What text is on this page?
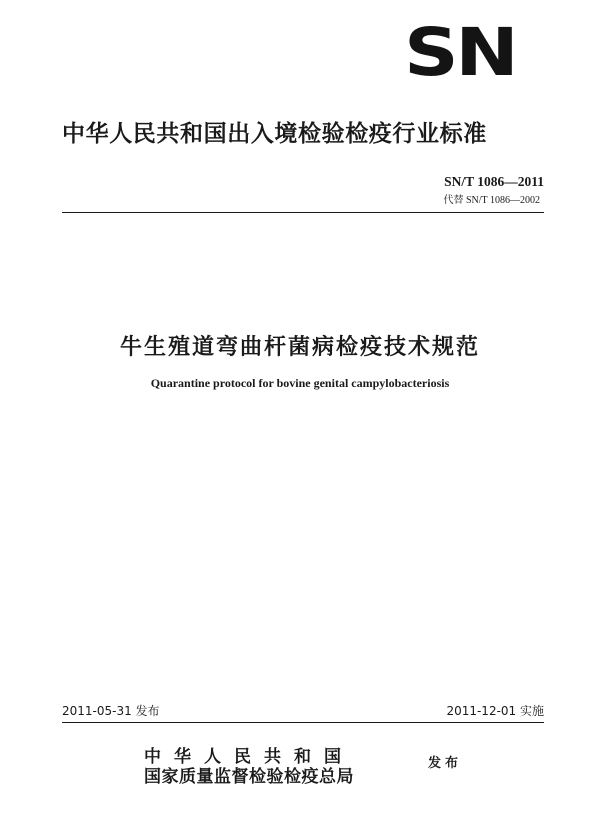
SN
中华人民共和国出入境检验检疫行业标准
SN/T 1086—2011
代替 SN/T 1086—2002
牛生殖道弯曲杆菌病检疫技术规范
Quarantine protocol for bovine genital campylobacteriosis
2011-05-31 发布	2011-12-01 实施
中华人民共和国
国家质量监督检验检疫总局
发布
